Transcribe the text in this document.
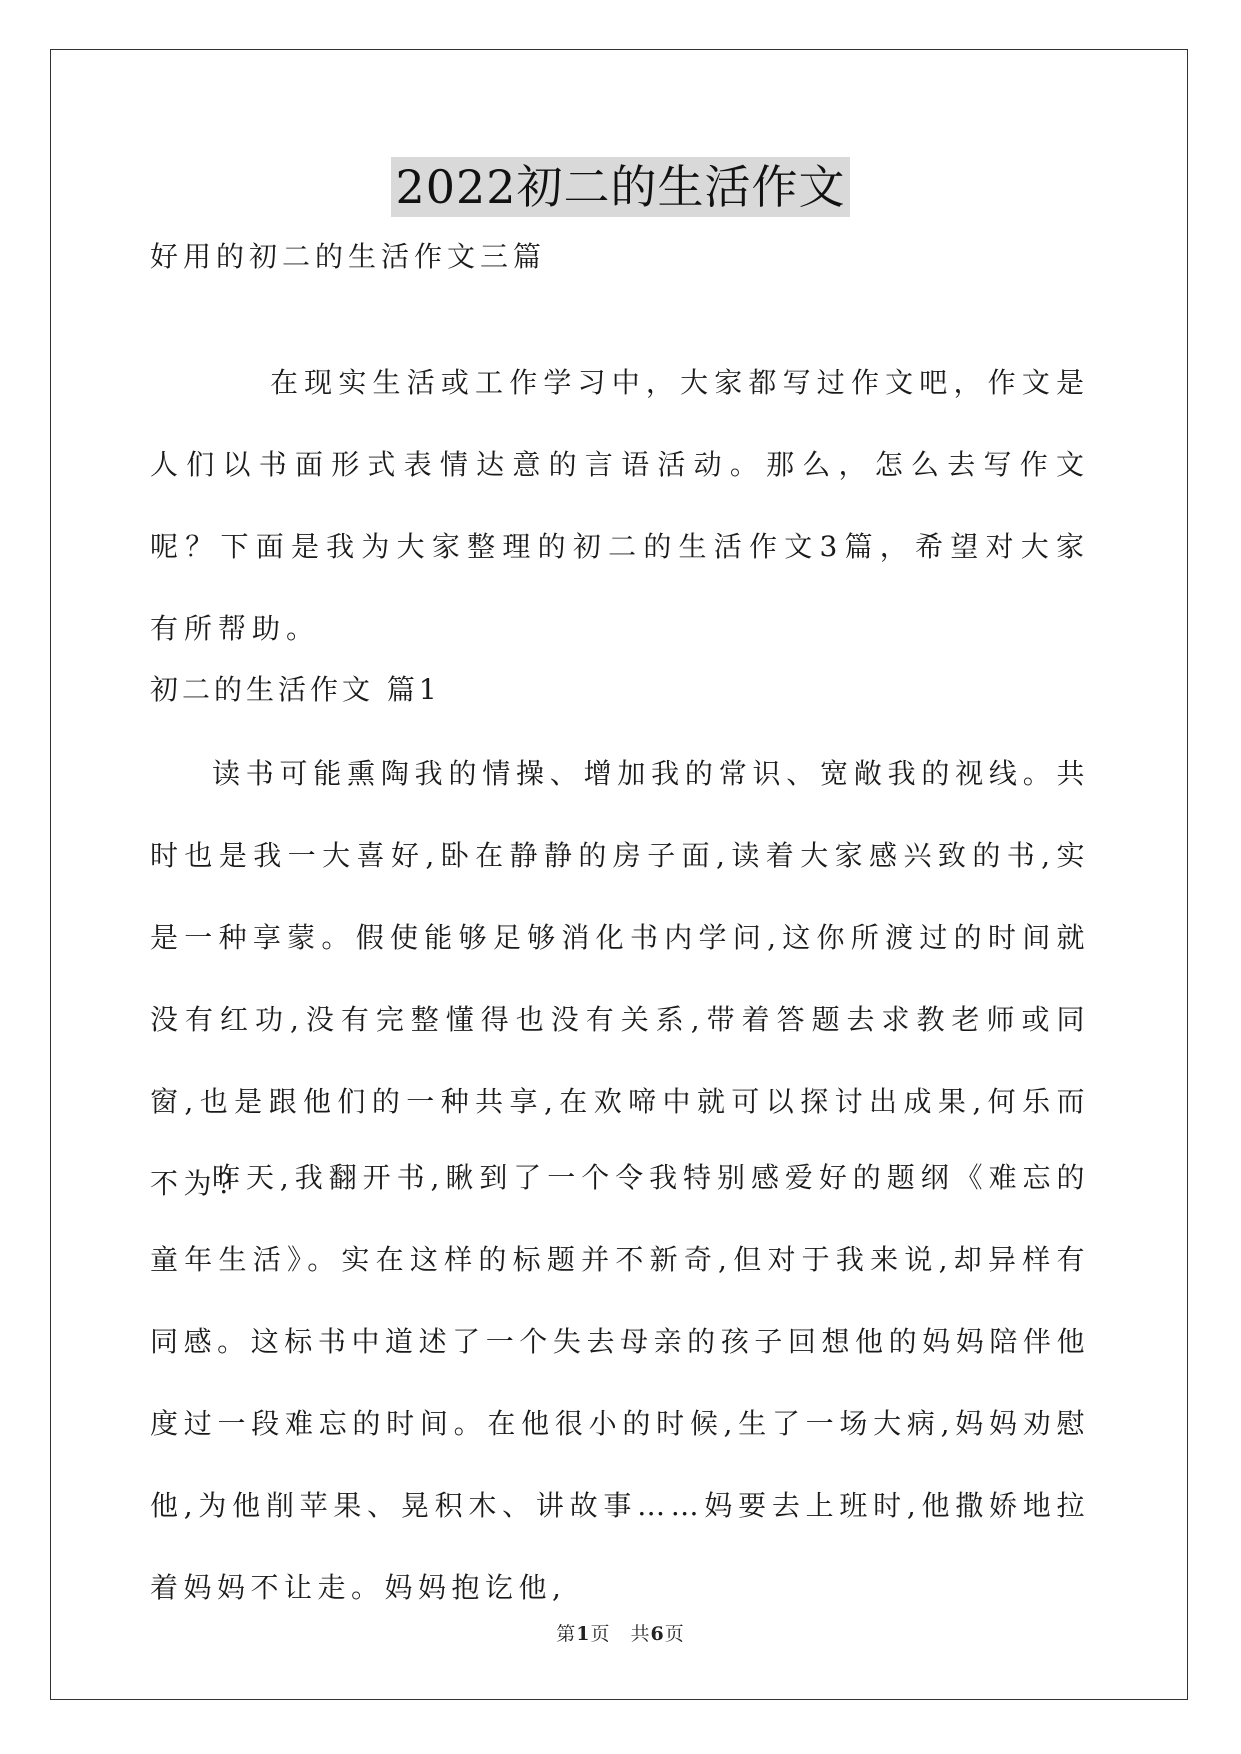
2022初二的生活作文
好用的初二的生活作文三篇

在现实生活或工作学习中，大家都写过作文吧，作文是人们以书面形式表情达意的言语活动。那么，怎么去写作文呢？下面是我为大家整理的初二的生活作文3篇，希望对大家有所帮助。

初二的生活作文 篇1

读书可能熏陶我的情操、增加我的常识、宽敞我的视线。共时也是我一大喜好,卧在静静的房子面,读着大家感兴致的书,实是一种享蒙。假使能够足够消化书内学问,这你所渡过的时间就没有红功,没有完整懂得也没有关系,带着答题去求教老师或同窗,也是跟他们的一种共享,在欢啼中就可以探讨出成果,何乐而不为?

昨天,我翻开书,瞅到了一个令我特别感爱好的题纲《难忘的童年生活》。实在这样的标题并不新奇,但对于我来说,却异样有同感。这标书中道述了一个失去母亲的孩子回想他的妈妈陪伴他度过一段难忘的时间。在他很小的时候,生了一场大病,妈妈劝慰他,为他削苹果、晃积木、讲故事……妈要去上班时,他撒娇地拉着妈妈不让走。妈妈抱讫他,

第1页　共6页
